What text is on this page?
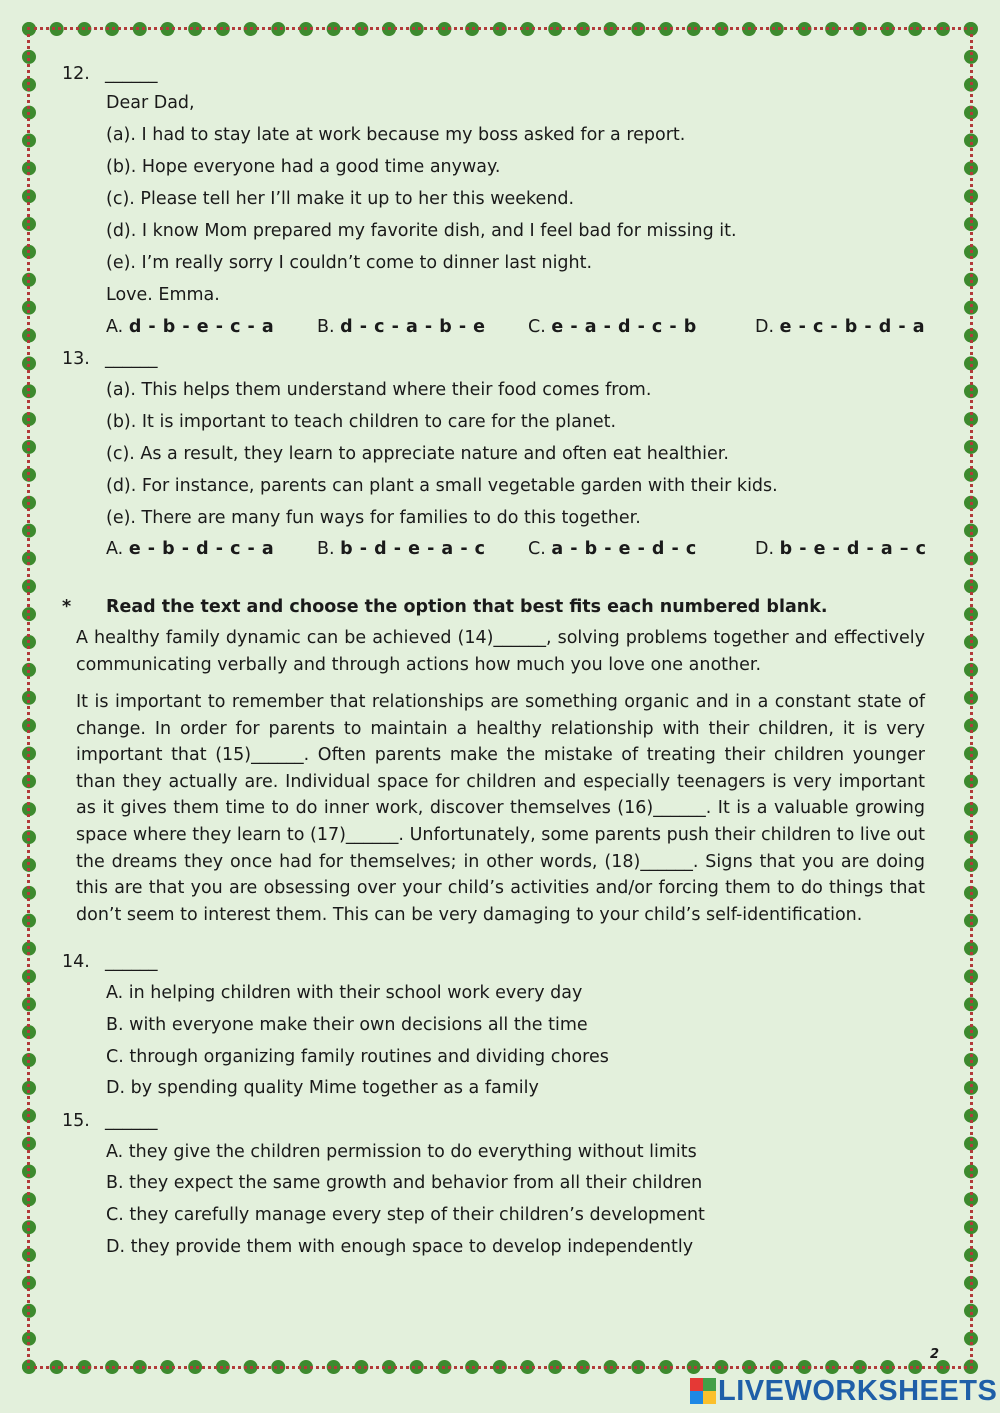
12. ______
Dear Dad,
(a). I had to stay late at work because my boss asked for a report.
(b). Hope everyone had a good time anyway.
(c). Please tell her I’ll make it up to her this weekend.
(d). I know Mom prepared my favorite dish, and I feel bad for missing it.
(e). I’m really sorry I couldn’t come to dinner last night.
Love. Emma.
A. d - b - e - c - a B. d - c - a - b - e C. e - a - d - c - b	D. e - c - b - d - a
13. ______
(a). This helps them understand where their food comes from.
(b). It is important to teach children to care for the planet.
(c). As a result, they learn to appreciate nature and often eat healthier.
(d). For instance, parents can plant a small vegetable garden with their kids.
(e). There are many fun ways for families to do this together.
A. e - b - d - c - a B. b - d - e - a - c C. a - b - e - d - c	D. b - e - d - a – c
* Read the text and choose the option that best fits each numbered blank.
A healthy family dynamic can be achieved (14)______, solving problems together and effectively communicating verbally and through actions how much you love one another.
It is important to remember that relationships are something organic and in a constant state of change. In order for parents to maintain a healthy relationship with their children, it is very important that (15)______. Often parents make the mistake of treating their children younger than they actually are. Individual space for children and especially teenagers is very important as it gives them time to do inner work, discover themselves (16)______. It is a valuable growing space where they learn to (17)______. Unfortunately, some parents push their children to live out the dreams they once had for themselves; in other words, (18)______. Signs that you are doing this are that you are obsessing over your child’s activities and/or forcing them to do things that don’t seem to interest them. This can be very damaging to your child’s self-identification.
14. ______
A. in helping children with their school work every day
B. with everyone make their own decisions all the time
C. through organizing family routines and dividing chores
D. by spending quality Mime together as a family
15. ______
A. they give the children permission to do everything without limits
B. they expect the same growth and behavior from all their children
C. they carefully manage every step of their children’s development
D. they provide them with enough space to develop independently
2
LIVEWORKSHEETS
